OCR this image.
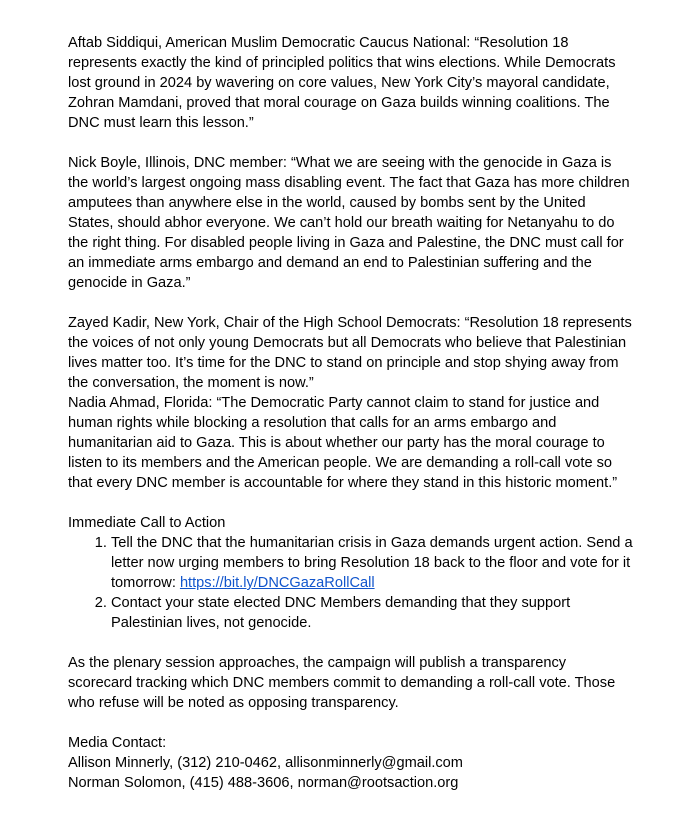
Aftab Siddiqui, American Muslim Democratic Caucus National: “Resolution 18 represents exactly the kind of principled politics that wins elections. While Democrats lost ground in 2024 by wavering on core values, New York City’s mayoral candidate, Zohran Mamdani, proved that moral courage on Gaza builds winning coalitions. The DNC must learn this lesson.”

Nick Boyle, Illinois, DNC member: “What we are seeing with the genocide in Gaza is the world’s largest ongoing mass disabling event. The fact that Gaza has more children amputees than anywhere else in the world, caused by bombs sent by the United States, should abhor everyone. We can’t hold our breath waiting for Netanyahu to do the right thing. For disabled people living in Gaza and Palestine, the DNC must call for an immediate arms embargo and demand an end to Palestinian suffering and the genocide in Gaza.”

Zayed Kadir, New York, Chair of the High School Democrats: “Resolution 18 represents the voices of not only young Democrats but all Democrats who believe that Palestinian lives matter too. It’s time for the DNC to stand on principle and stop shying away from the conversation, the moment is now.”

Nadia Ahmad, Florida: “The Democratic Party cannot claim to stand for justice and human rights while blocking a resolution that calls for an arms embargo and humanitarian aid to Gaza. This is about whether our party has the moral courage to listen to its members and the American people. We are demanding a roll-call vote so that every DNC member is accountable for where they stand in this historic moment.”

Immediate Call to Action

1. Tell the DNC that the humanitarian crisis in Gaza demands urgent action. Send a letter now urging members to bring Resolution 18 back to the floor and vote for it tomorrow: https://bit.ly/DNCGazaRollCall
2. Contact your state elected DNC Members demanding that they support Palestinian lives, not genocide.

As the plenary session approaches, the campaign will publish a transparency scorecard tracking which DNC members commit to demanding a roll-call vote. Those who refuse will be noted as opposing transparency.

Media Contact:

Allison Minnerly, (312) 210-0462, allisonminnerly@gmail.com

Norman Solomon, (415) 488-3606, norman@rootsaction.org
